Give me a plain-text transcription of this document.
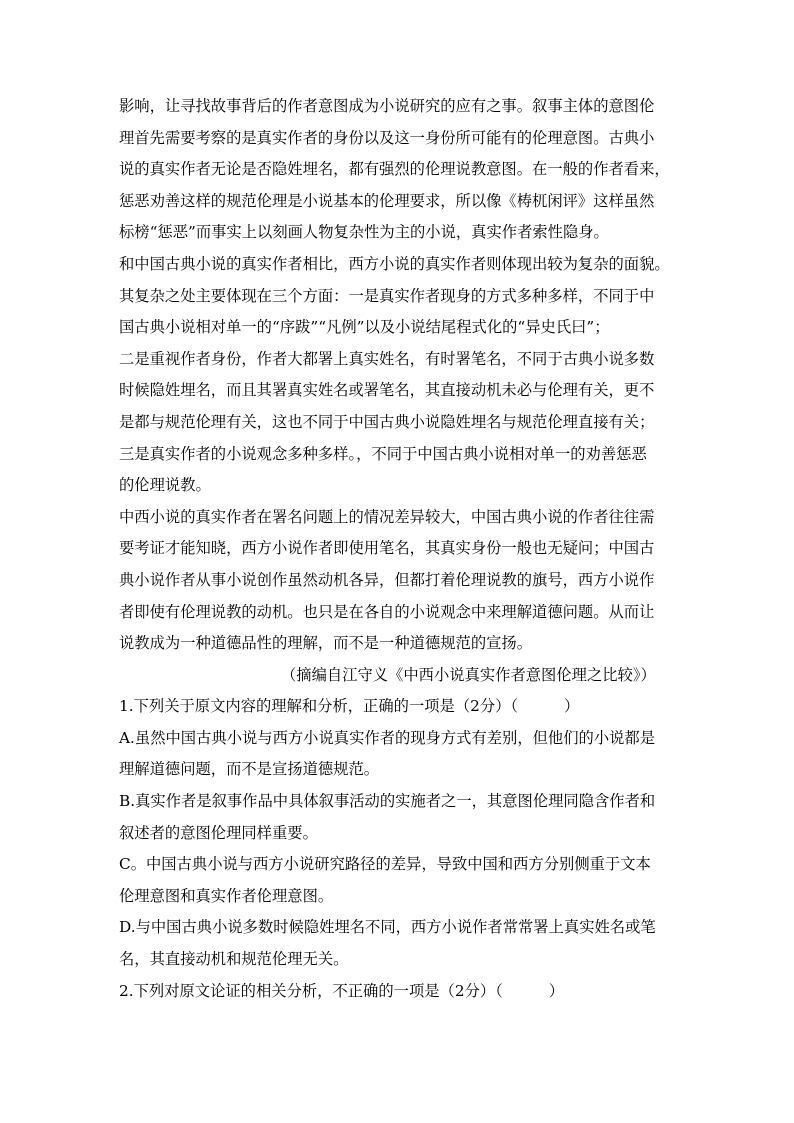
影响，让寻找故事背后的作者意图成为小说研究的应有之事。叙事主体的意图伦
理首先需要考察的是真实作者的身份以及这一身份所可能有的伦理意图。古典小
说的真实作者无论是否隐姓埋名，都有强烈的伦理说教意图。在一般的作者看来，
惩恶劝善这样的规范伦理是小说基本的伦理要求，所以像《梼杌闲评》这样虽然
标榜“惩恶”而事实上以刻画人物复杂性为主的小说，真实作者索性隐身。
和中国古典小说的真实作者相比，西方小说的真实作者则体现出较为复杂的面貌。
其复杂之处主要体现在三个方面：一是真实作者现身的方式多种多样，不同于中
国古典小说相对单一的“序跋”“凡例”以及小说结尾程式化的“异史氏曰”；
二是重视作者身份，作者大都署上真实姓名，有时署笔名，不同于古典小说多数
时候隐姓埋名，而且其署真实姓名或署笔名，其直接动机未必与伦理有关，更不
是都与规范伦理有关，这也不同于中国古典小说隐姓埋名与规范伦理直接有关；
三是真实作者的小说观念多种多样。，不同于中国古典小说相对单一的劝善惩恶
的伦理说教。
中西小说的真实作者在署名问题上的情况差异较大，中国古典小说的作者往往需
要考证才能知晓，西方小说作者即使用笔名，其真实身份一般也无疑问；中国古
典小说作者从事小说创作虽然动机各异，但都打着伦理说教的旗号，西方小说作
者即使有伦理说教的动机。也只是在各自的小说观念中来理解道德问题。从而让
说教成为一种道德品性的理解，而不是一种道德规范的宣扬。
（摘编自江守义《中西小说真实作者意图伦理之比较》）
1.下列关于原文内容的理解和分析，正确的一项是（2分）（　　　）
A.虽然中国古典小说与西方小说真实作者的现身方式有差别，但他们的小说都是
理解道德问题，而不是宣扬道德规范。
B.真实作者是叙事作品中具体叙事活动的实施者之一，其意图伦理同隐含作者和
叙述者的意图伦理同样重要。
C。中国古典小说与西方小说研究路径的差异，导致中国和西方分别侧重于文本
伦理意图和真实作者伦理意图。
D.与中国古典小说多数时候隐姓埋名不同，西方小说作者常常署上真实姓名或笔
名，其直接动机和规范伦理无关。
2.下列对原文论证的相关分析，不正确的一项是（2分）（　　　）
